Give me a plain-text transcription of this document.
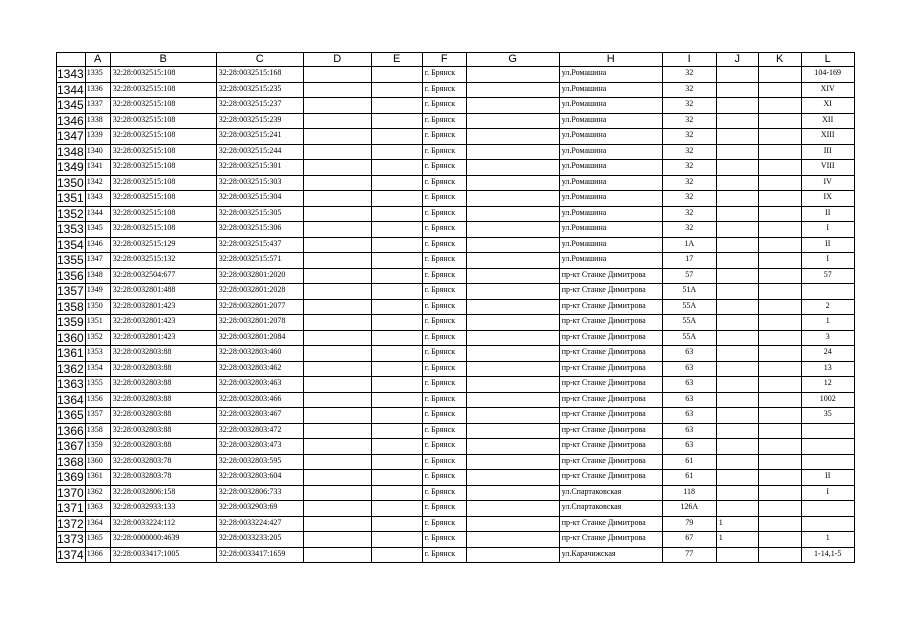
	A	B	C	D	E	F	G	H	I	J	K	L
1343	1335	32:28:0032515:108	32:28:0032515:168			г. Брянск		ул.Ромашина	32			104-169
1344	1336	32:28:0032515:108	32:28:0032515:235			г. Брянск		ул.Ромашина	32			XIV
1345	1337	32:28:0032515:108	32:28:0032515:237			г. Брянск		ул.Ромашина	32			XI
1346	1338	32:28:0032515:108	32:28:0032515:239			г. Брянск		ул.Ромашина	32			XII
1347	1339	32:28:0032515:108	32:28:0032515:241			г. Брянск		ул.Ромашина	32			XIII
1348	1340	32:28:0032515:108	32:28:0032515:244			г. Брянск		ул.Ромашина	32			III
1349	1341	32:28:0032515:108	32:28:0032515:301			г. Брянск		ул.Ромашина	32			VIII
1350	1342	32:28:0032515:108	32:28:0032515:303			г. Брянск		ул.Ромашина	32			IV
1351	1343	32:28:0032515:108	32:28:0032515:304			г. Брянск		ул.Ромашина	32			IX
1352	1344	32:28:0032515:108	32:28:0032515:305			г. Брянск		ул.Ромашина	32			II
1353	1345	32:28:0032515:108	32:28:0032515:306			г. Брянск		ул.Ромашина	32			I
1354	1346	32:28:0032515:129	32:28:0032515:437			г. Брянск		ул.Ромашина	1А			II
1355	1347	32:28:0032515:132	32:28:0032515:571			г. Брянск		ул.Ромашина	17			I
1356	1348	32:28:0032504:677	32:28:0032801:2020			г. Брянск		пр-кт Станке Димитрова	57			57
1357	1349	32:28:0032801:488	32:28:0032801:2028			г. Брянск		пр-кт Станке Димитрова	51А			
1358	1350	32:28:0032801:423	32:28:0032801:2077			г. Брянск		пр-кт Станке Димитрова	55А			2
1359	1351	32:28:0032801:423	32:28:0032801:2078			г. Брянск		пр-кт Станке Димитрова	55А			1
1360	1352	32:28:0032801:423	32:28:0032801:2084			г. Брянск		пр-кт Станке Димитрова	55А			3
1361	1353	32:28:0032803:88	32:28:0032803:460			г. Брянск		пр-кт Станке Димитрова	63			24
1362	1354	32:28:0032803:88	32:28:0032803:462			г. Брянск		пр-кт Станке Димитрова	63			13
1363	1355	32:28:0032803:88	32:28:0032803:463			г. Брянск		пр-кт Станке Димитрова	63			12
1364	1356	32:28:0032803:88	32:28:0032803:466			г. Брянск		пр-кт Станке Димитрова	63			1002
1365	1357	32:28:0032803:88	32:28:0032803:467			г. Брянск		пр-кт Станке Димитрова	63			35
1366	1358	32:28:0032803:88	32:28:0032803:472			г. Брянск		пр-кт Станке Димитрова	63			
1367	1359	32:28:0032803:88	32:28:0032803:473			г. Брянск		пр-кт Станке Димитрова	63			
1368	1360	32:28:0032803:78	32:28:0032803:595			г. Брянск		пр-кт Станке Димитрова	61			
1369	1361	32:28:0032803:78	32:28:0032803:604			г. Брянск		пр-кт Станке Димитрова	61			II
1370	1362	32:28:0032806:158	32:28:0032806:733			г. Брянск		ул.Спартаковская	118			I
1371	1363	32:28:0032933:133	32:28:0032903:69			г. Брянск		ул.Спартаковская	126А			
1372	1364	32:28:0033224:112	32:28:0033224:427			г. Брянск		пр-кт Станке Димитрова	79	1		
1373	1365	32:28:0000000:4639	32:28:0033233:205			г. Брянск		пр-кт Станке Димитрова	67	1		1
1374	1366	32:28:0033417:1005	32:28:0033417:1659			г. Брянск		ул.Карачижская	77			1-14,1-5
